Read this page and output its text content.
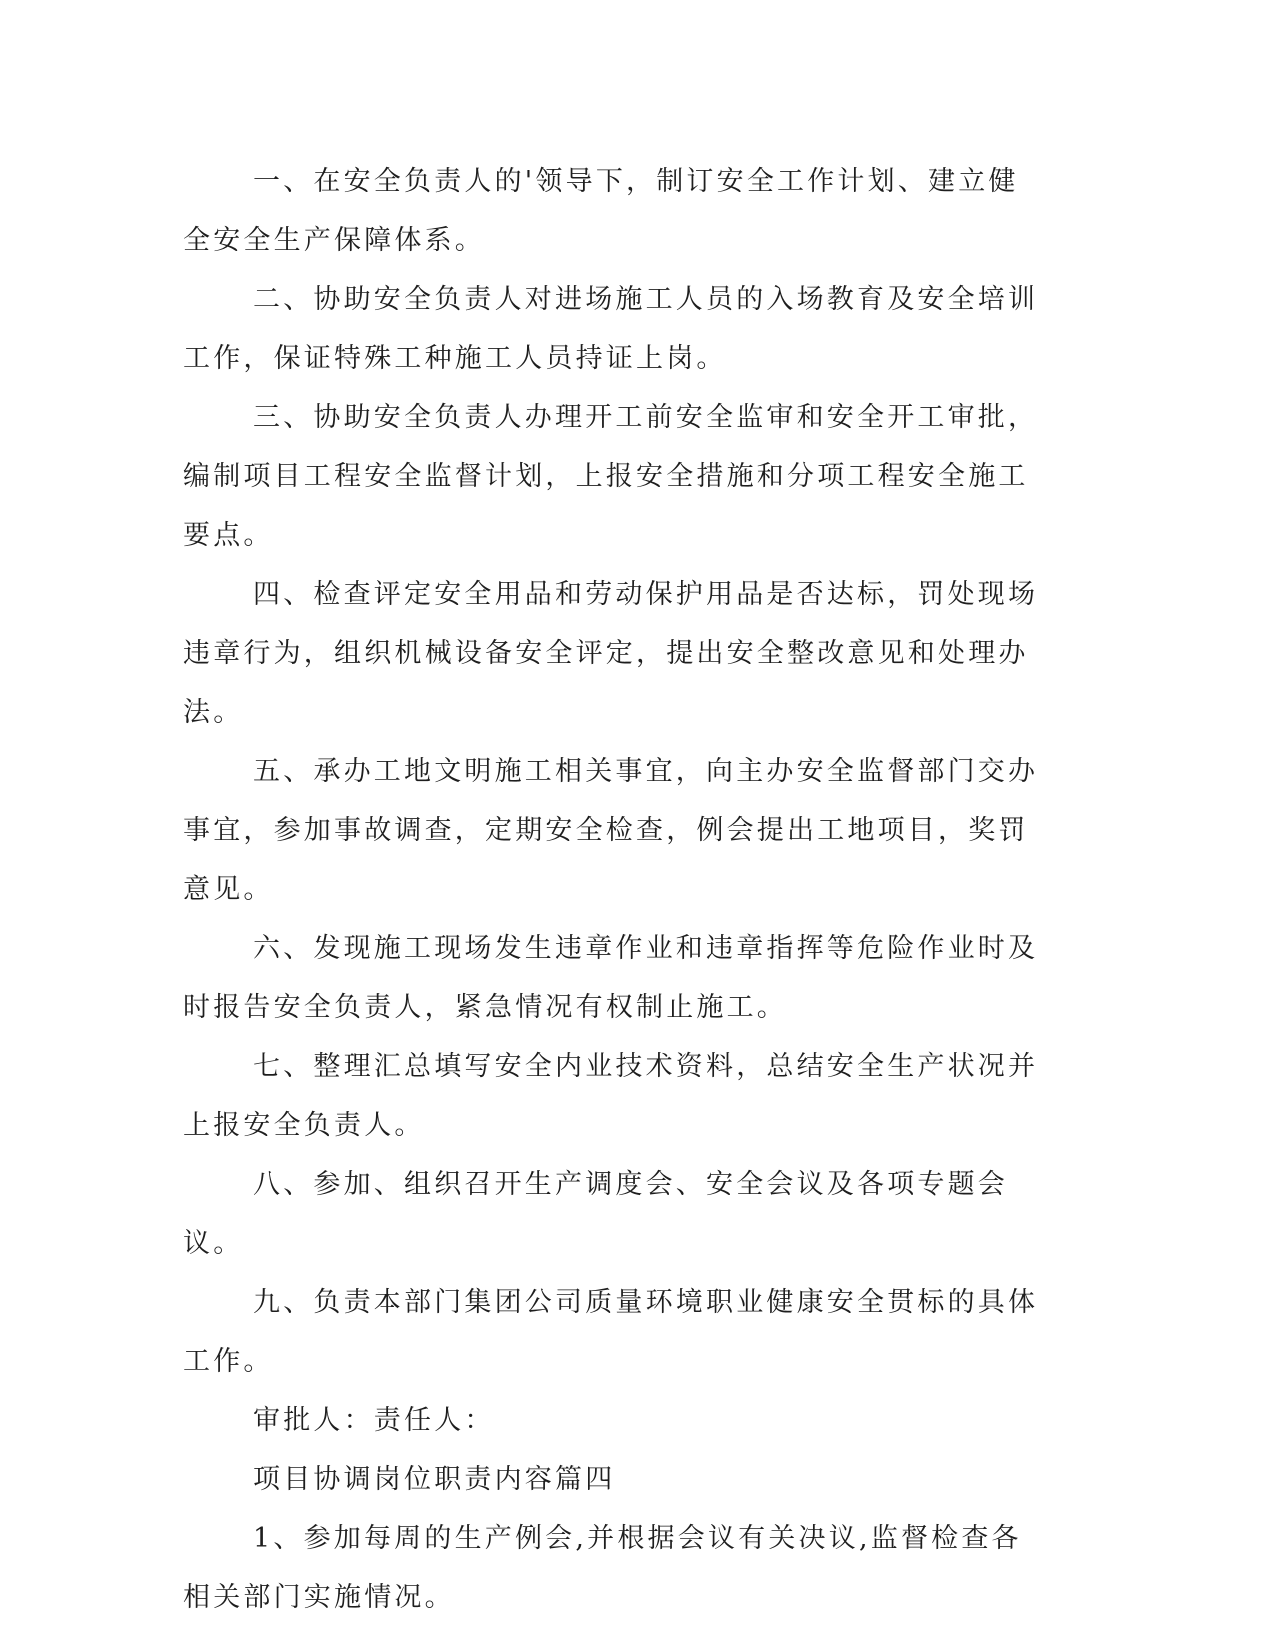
一、在安全负责人的'领导下，制订安全工作计划、建立健全安全生产保障体系。

二、协助安全负责人对进场施工人员的入场教育及安全培训工作，保证特殊工种施工人员持证上岗。

三、协助安全负责人办理开工前安全监审和安全开工审批，编制项目工程安全监督计划，上报安全措施和分项工程安全施工要点。

四、检查评定安全用品和劳动保护用品是否达标，罚处现场违章行为，组织机械设备安全评定，提出安全整改意见和处理办法。

五、承办工地文明施工相关事宜，向主办安全监督部门交办事宜，参加事故调查，定期安全检查，例会提出工地项目，奖罚意见。

六、发现施工现场发生违章作业和违章指挥等危险作业时及时报告安全负责人，紧急情况有权制止施工。

七、整理汇总填写安全内业技术资料，总结安全生产状况并上报安全负责人。

八、参加、组织召开生产调度会、安全会议及各项专题会议。

九、负责本部门集团公司质量环境职业健康安全贯标的具体工作。

审批人：责任人：

项目协调岗位职责内容篇四

1、参加每周的生产例会,并根据会议有关决议,监督检查各相关部门实施情况。
